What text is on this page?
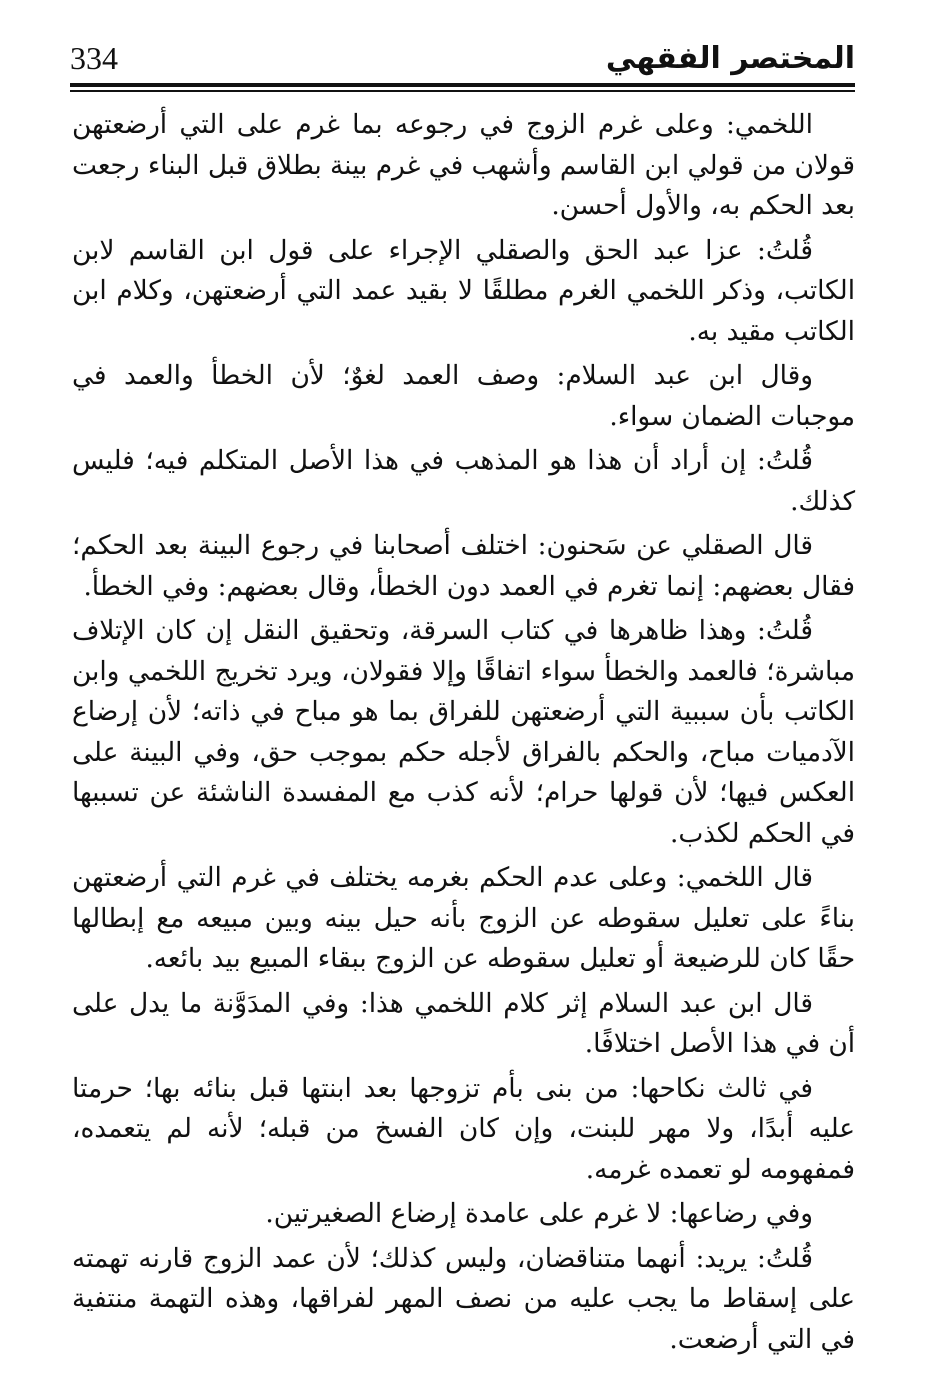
334	المختصر الفقهي

اللخمي: وعلى غرم الزوج في رجوعه بما غرم على التي أرضعتهن قولان من قولي ابن القاسم وأشهب في غرم بينة بطلاق قبل البناء رجعت بعد الحكم به، والأول أحسن.

قُلتُ: عزا عبد الحق والصقلي الإجراء على قول ابن القاسم لابن الكاتب، وذكر اللخمي الغرم مطلقًا لا بقيد عمد التي أرضعتهن، وكلام ابن الكاتب مقيد به.

وقال ابن عبد السلام: وصف العمد لغوٌ؛ لأن الخطأ والعمد في موجبات الضمان سواء.

قُلتُ: إن أراد أن هذا هو المذهب في هذا الأصل المتكلم فيه؛ فليس كذلك.

قال الصقلي عن سَحنون: اختلف أصحابنا في رجوع البينة بعد الحكم؛ فقال بعضهم: إنما تغرم في العمد دون الخطأ، وقال بعضهم: وفي الخطأ.

قُلتُ: وهذا ظاهرها في كتاب السرقة، وتحقيق النقل إن كان الإتلاف مباشرة؛ فالعمد والخطأ سواء اتفاقًا وإلا فقولان، ويرد تخريج اللخمي وابن الكاتب بأن سببية التي أرضعتهن للفراق بما هو مباح في ذاته؛ لأن إرضاع الآدميات مباح، والحكم بالفراق لأجله حكم بموجب حق، وفي البينة على العكس فيها؛ لأن قولها حرام؛ لأنه كذب مع المفسدة الناشئة عن تسببها في الحكم لكذب.

قال اللخمي: وعلى عدم الحكم بغرمه يختلف في غرم التي أرضعتهن بناءً على تعليل سقوطه عن الزوج بأنه حيل بينه وبين مبيعه مع إبطالها حقًا كان للرضيعة أو تعليل سقوطه عن الزوج ببقاء المبيع بيد بائعه.

قال ابن عبد السلام إثر كلام اللخمي هذا: وفي المدَوَّنة ما يدل على أن في هذا الأصل اختلافًا.

في ثالث نكاحها: من بنى بأم تزوجها بعد ابنتها قبل بنائه بها؛ حرمتا عليه أبدًا، ولا مهر للبنت، وإن كان الفسخ من قبله؛ لأنه لم يتعمده، فمفهومه لو تعمده غرمه.

وفي رضاعها: لا غرم على عامدة إرضاع الصغيرتين.

قُلتُ: يريد: أنهما متناقضان، وليس كذلك؛ لأن عمد الزوج قارنه تهمته على إسقاط ما يجب عليه من نصف المهر لفراقها، وهذه التهمة منتفية في التي أرضعت.
